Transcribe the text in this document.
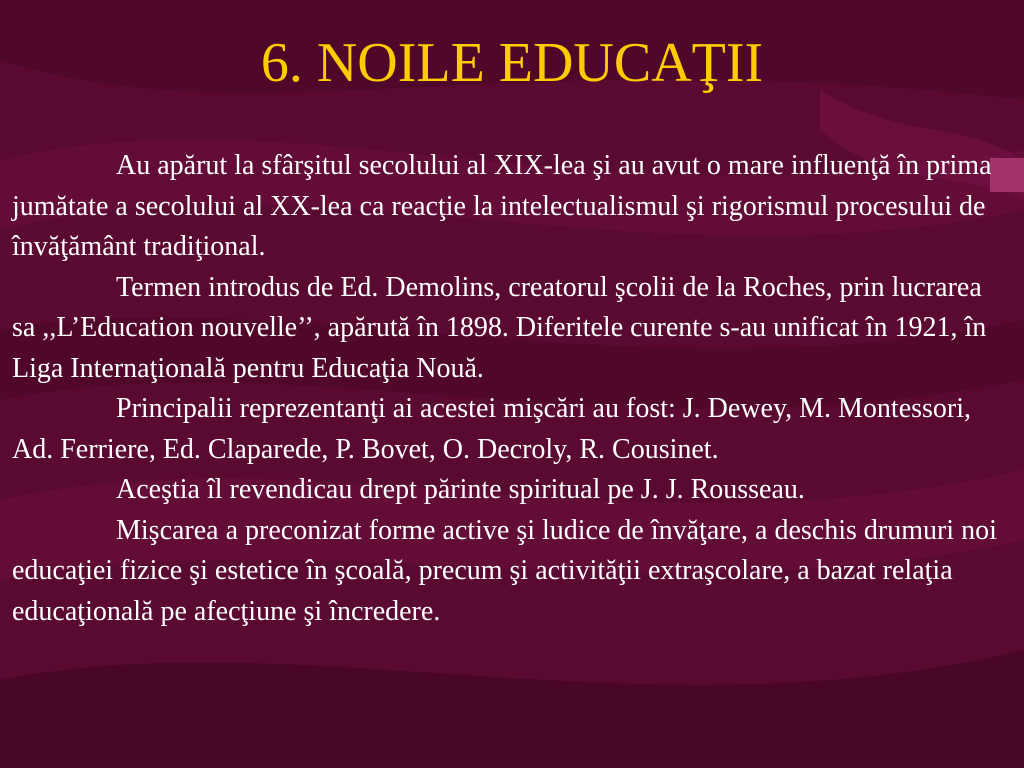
6. NOILE EDUCAŢII

Au apărut la sfârşitul secolului al XIX-lea şi au avut o mare influenţă în prima jumătate a secolului al XX-lea ca reacţie la intelectualismul şi rigorismul procesului de învăţământ tradiţional.

Termen introdus de Ed. Demolins, creatorul şcolii de la Roches, prin lucrarea sa ,,L’Education nouvelle’’, apărută în 1898. Diferitele curente s-au unificat în 1921, în Liga Internaţională pentru Educaţia Nouă.

Principalii reprezentanţi ai acestei mişcări au fost: J. Dewey, M. Montessori, Ad. Ferriere, Ed. Claparede, P. Bovet, O. Decroly, R. Cousinet.

Aceştia îl revendicau drept părinte spiritual pe J. J. Rousseau.

Mişcarea a preconizat forme active şi ludice de învăţare, a deschis drumuri noi educaţiei fizice şi estetice în şcoală, precum şi activităţii extraşcolare, a bazat relaţia educaţională pe afecţiune şi încredere.
